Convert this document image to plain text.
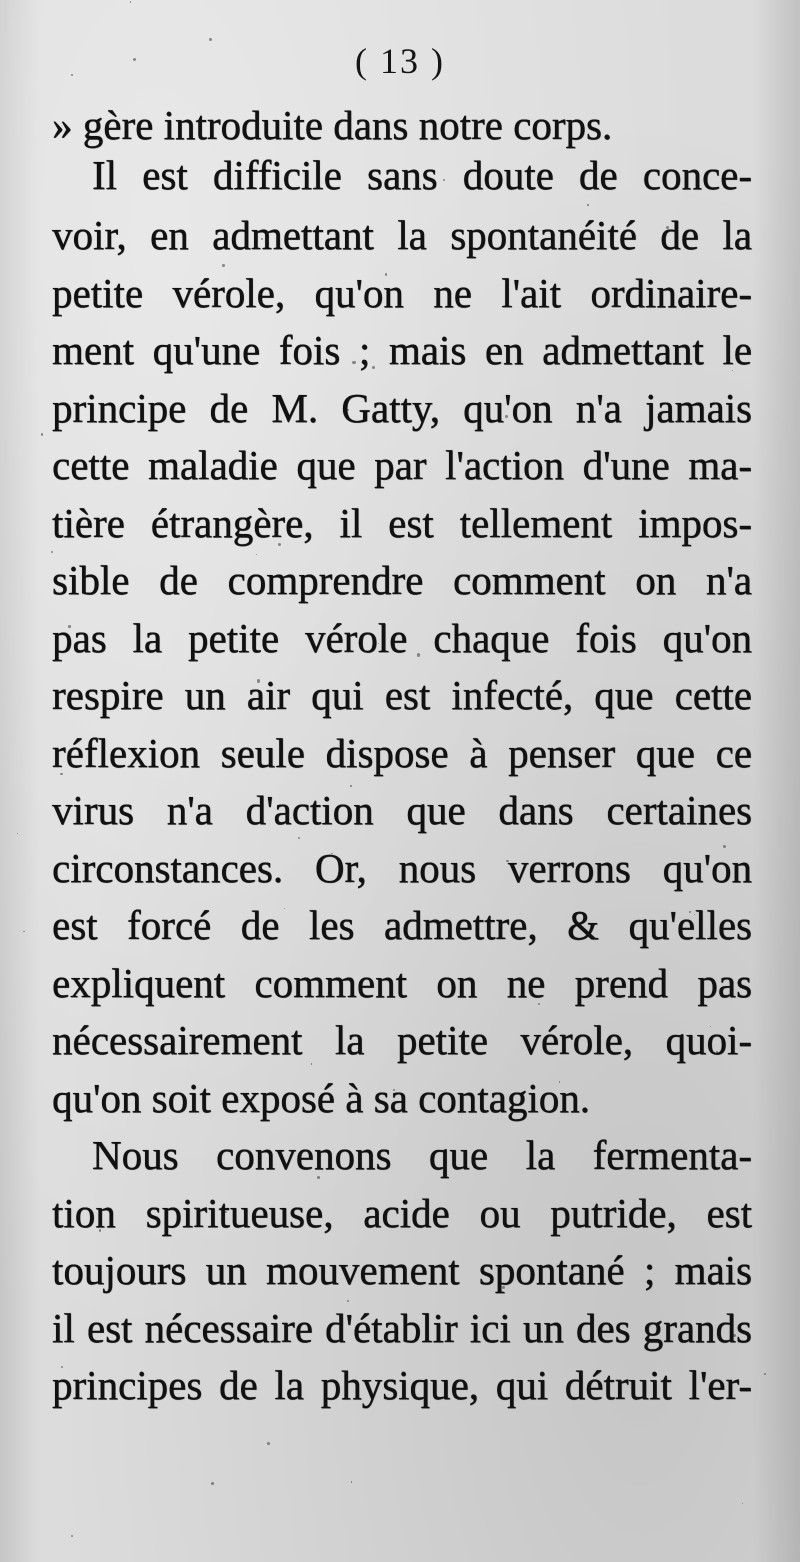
( 13 )
» gère introduite dans notre corps.
Il est difficile sans doute de conce-
voir, en admettant la spontanéité de la
petite vérole, qu'on ne l'ait ordinaire-
ment qu'une fois ; mais en admettant le
principe de M. Gatty, qu'on n'a jamais
cette maladie que par l'action d'une ma-
tière étrangère, il est tellement impos-
sible de comprendre comment on n'a
pas la petite vérole chaque fois qu'on
respire un air qui est infecté, que cette
réflexion seule dispose à penser que ce
virus n'a d'action que dans certaines
circonstances. Or, nous verrons qu'on
est forcé de les admettre, & qu'elles
expliquent comment on ne prend pas
nécessairement la petite vérole, quoi-
qu'on soit exposé à sa contagion.
Nous convenons que la fermenta-
tion spiritueuse, acide ou putride, est
toujours un mouvement spontané ; mais
il est nécessaire d'établir ici un des grands
principes de la physique, qui détruit l'er-
